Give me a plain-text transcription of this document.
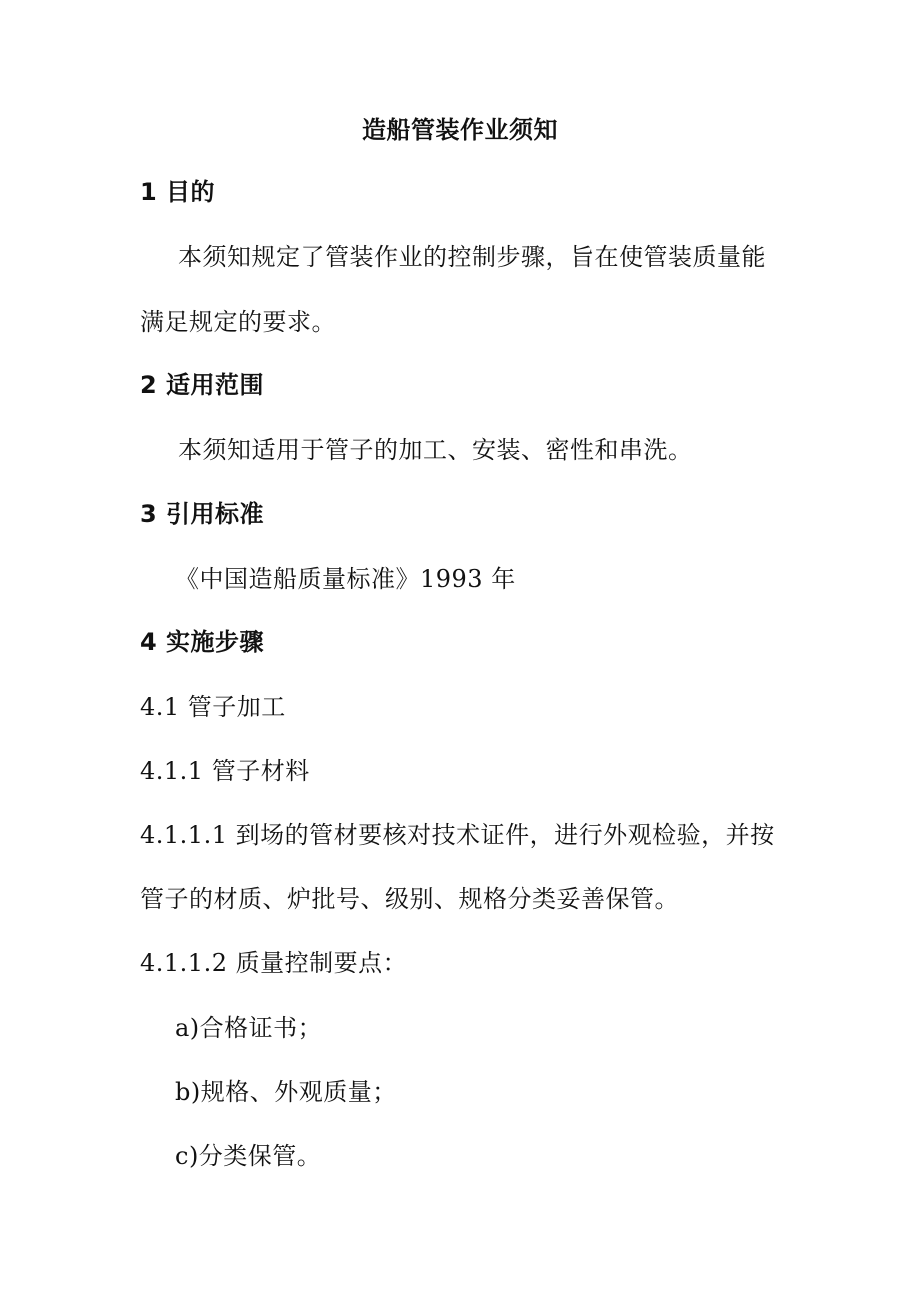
造船管装作业须知
1 目的
本须知规定了管装作业的控制步骤，旨在使管装质量能
满足规定的要求。
2 适用范围
本须知适用于管子的加工、安装、密性和串洗。
3 引用标准
《中国造船质量标准》1993 年
4 实施步骤
4.1 管子加工
4.1.1 管子材料
4.1.1.1 到场的管材要核对技术证件，进行外观检验，并按
管子的材质、炉批号、级别、规格分类妥善保管。
4.1.1.2 质量控制要点：
a)合格证书；
b)规格、外观质量；
c)分类保管。
